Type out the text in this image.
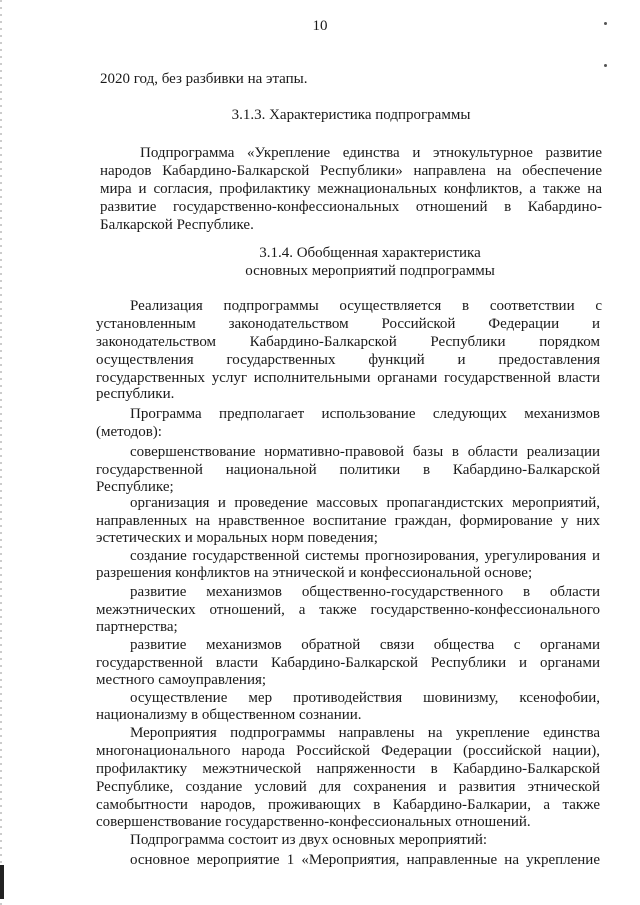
10
2020 год, без разбивки на этапы.
3.1.3. Характеристика подпрограммы
Подпрограмма «Укрепление единства и этнокультурное развитие
народов Кабардино-Балкарской Республики» направлена на обеспечение
мира и согласия, профилактику межнациональных конфликтов, а также на
развитие государственно-конфессиональных отношений в Кабардино-
Балкарской Республике.
3.1.4. Обобщенная характеристика
основных мероприятий подпрограммы
Реализация подпрограммы осуществляется в соответствии с
установленным законодательством Российской Федерации и
законодательством Кабардино-Балкарской Республики порядком
осуществления государственных функций и предоставления
государственных услуг исполнительными органами государственной власти
республики.
Программа предполагает использование следующих механизмов
(методов):
совершенствование нормативно-правовой базы в области реализации
государственной национальной политики в Кабардино-Балкарской
Республике;
организация и проведение массовых пропагандистских мероприятий,
направленных на нравственное воспитание граждан, формирование у них
эстетических и моральных норм поведения;
создание государственной системы прогнозирования, урегулирования и
разрешения конфликтов на этнической и конфессиональной основе;
развитие механизмов общественно-государственного в области
межэтнических отношений, а также государственно-конфессионального
партнерства;
развитие механизмов обратной связи общества с органами
государственной власти Кабардино-Балкарской Республики и органами
местного самоуправления;
осуществление мер противодействия шовинизму, ксенофобии,
национализму в общественном сознании.
Мероприятия подпрограммы направлены на укрепление единства
многонационального народа Российской Федерации (российской нации),
профилактику межэтнической напряженности в Кабардино-Балкарской
Республике, создание условий для сохранения и развития этнической
самобытности народов, проживающих в Кабардино-Балкарии, а также
совершенствование государственно-конфессиональных отношений.
Подпрограмма состоит из двух основных мероприятий:
основное мероприятие 1 «Мероприятия, направленные на укрепление
